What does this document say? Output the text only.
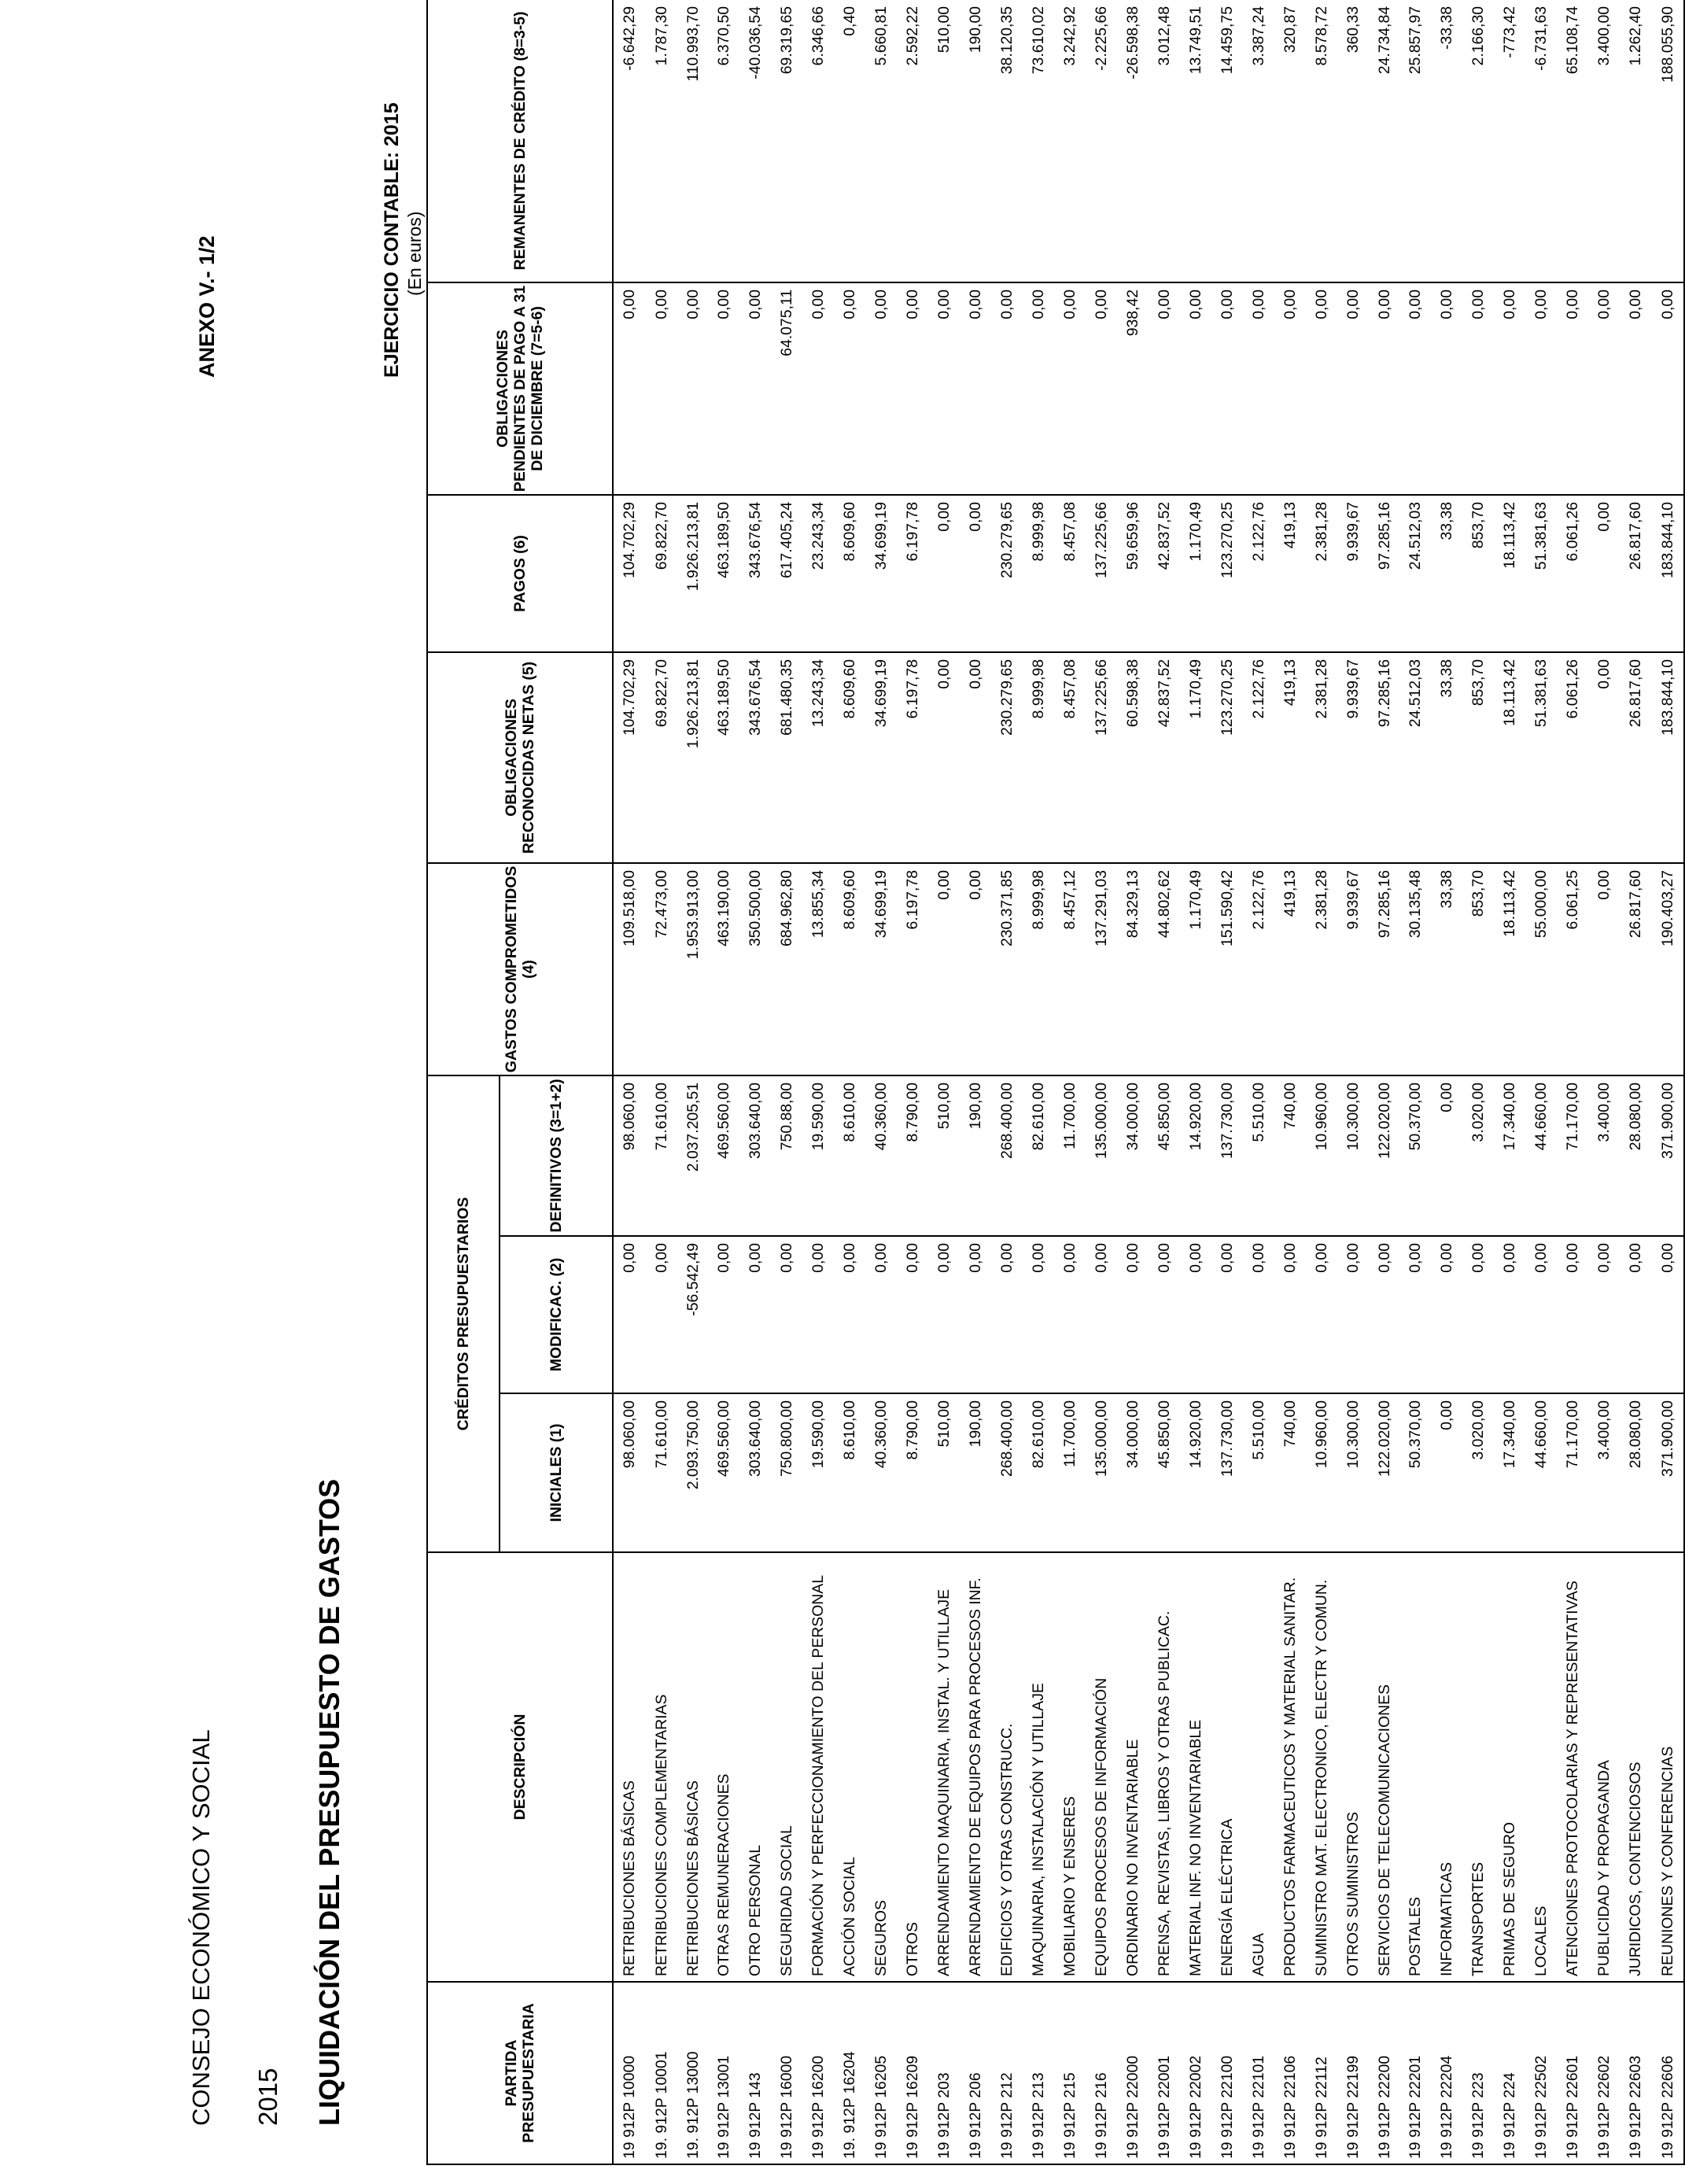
CONSEJO ECONÓMICO Y SOCIAL 2015 LIQUIDACIÓN DEL PRESUPUESTO DE GASTOS
ANEXO V.- 1/2	EJERCICIO CONTABLE: 2015 (En euros)
PARTIDA PRESUPUESTARIA	DESCRIPCIÓN	CRÉDITOS PRESUPUESTARIOS			GASTOS COMPROMETIDOS (4)	OBLIGACIONES RECONOCIDAS NETAS (5)	PAGOS (6)	OBLIGACIONES PENDIENTES DE PAGO A 31 DE DICIEMBRE (7=5-6)	REMANENTES DE CRÉDITO (8=3-5)
		INICIALES (1)	MODIFICAC. (2)	DEFINITIVOS (3=1+2)					
19 912P 10000	RETRIBUCIONES BÁSICAS	98.060,00	0,00	98.060,00	109.518,00	104.702,29	104.702,29	0,00	-6.642,29
19. 912P 10001	RETRIBUCIONES COMPLEMENTARIAS	71.610,00	0,00	71.610,00	72.473,00	69.822,70	69.822,70	0,00	1.787,30
19. 912P 13000	RETRIBUCIONES BÁSICAS	2.093.750,00	-56.542,49	2.037.205,51	1.953.913,00	1.926.213,81	1.926.213,81	0,00	110.993,70
19 912P 13001	OTRAS REMUNERACIONES	469.560,00	0,00	469.560,00	463.190,00	463.189,50	463.189,50	0,00	6.370,50
19 912P 143	OTRO PERSONAL	303.640,00	0,00	303.640,00	350.500,00	343.676,54	343.676,54	0,00	-40.036,54
19 912P 16000	SEGURIDAD SOCIAL	750.800,00	0,00	750.88,00	684.962,80	681.480,35	617.405,24	64.075,11	69.319,65
19 912P 16200	FORMACIÓN Y PERFECCIONAMIENTO DEL PERSONAL	19.590,00	0,00	19.590,00	13.855,34	13.243,34	23.243,34	0,00	6.346,66
19. 912P 16204	ACCIÓN SOCIAL	8.610,00	0,00	8.610,00	8.609,60	8.609,60	8.609,60	0,00	0,40
19 912P 16205	SEGUROS	40.360,00	0,00	40.360,00	34.699,19	34.699,19	34.699,19	0,00	5.660,81
19 912P 16209	OTROS	8.790,00	0,00	8.790,00	6.197,78	6.197,78	6.197,78	0,00	2.592,22
19 912P 203	ARRENDAMIENTO MAQUINARIA, INSTAL. Y UTILLAJE	510,00	0,00	510,00	0,00	0,00	0,00	0,00	510,00
19 912P 206	ARRENDAMIENTO DE EQUIPOS PARA PROCESOS INF.	190,00	0,00	190,00	0,00	0,00	0,00	0,00	190,00
19 912P 212	EDIFICIOS Y OTRAS CONSTRUCC.	268.400,00	0,00	268.400,00	230.371,85	230.279,65	230.279,65	0,00	38.120,35
19 912P 213	MAQUINARIA, INSTALACIÓN Y UTILLAJE	82.610,00	0,00	82.610,00	8.999,98	8.999,98	8.999,98	0,00	73.610,02
19 912P 215	MOBILIARIO Y ENSERES	11.700,00	0,00	11.700,00	8.457,12	8.457,08	8.457,08	0,00	3.242,92
19 912P 216	EQUIPOS PROCESOS DE INFORMACIÓN	135.000,00	0,00	135.000,00	137.291,03	137.225,66	137.225,66	0,00	-2.225,66
19 912P 22000	ORDINARIO NO INVENTARIABLE	34.000,00	0,00	34.000,00	84.329,13	60.598,38	59.659,96	938,42	-26.598,38
19 912P 22001	PRENSA, REVISTAS, LIBROS Y OTRAS PUBLICAC.	45.850,00	0,00	45.850,00	44.802,62	42.837,52	42.837,52	0,00	3.012,48
19 912P 22002	MATERIAL INF. NO INVENTARIABLE	14.920,00	0,00	14.920,00	1.170,49	1.170,49	1.170,49	0,00	13.749,51
19 912P 22100	ENERGÍA ELÉCTRICA	137.730,00	0,00	137.730,00	151.590,42	123.270,25	123.270,25	0,00	14.459,75
19 912P 22101	AGUA	5.510,00	0,00	5.510,00	2.122,76	2.122,76	2.122,76	0,00	3.387,24
19 912P 22106	PRODUCTOS FARMACEUTICOS Y MATERIAL SANITAR.	740,00	0,00	740,00	419,13	419,13	419,13	0,00	320,87
19 912P 22112	SUMINISTRO MAT. ELECTRONICO, ELECTR Y COMUN.	10.960,00	0,00	10.960,00	2.381,28	2.381,28	2.381,28	0,00	8.578,72
19 912P 22199	OTROS SUMINISTROS	10.300,00	0,00	10.300,00	9.939,67	9.939,67	9.939,67	0,00	360,33
19 912P 22200	SERVICIOS DE TELECOMUNICACIONES	122.020,00	0,00	122.020,00	97.285,16	97.285,16	97.285,16	0,00	24.734,84
19 912P 22201	POSTALES	50.370,00	0,00	50.370,00	30.135,48	24.512,03	24.512,03	0,00	25.857,97
19 912P 22204	INFORMATICAS	0,00	0,00	0,00	33,38	33,38	33,38	0,00	-33,38
19 912P 223	TRANSPORTES	3.020,00	0,00	3.020,00	853,70	853,70	853,70	0,00	2.166,30
19 912P 224	PRIMAS DE SEGURO	17.340,00	0,00	17.340,00	18.113,42	18.113,42	18.113,42	0,00	-773,42
19 912P 22502	LOCALES	44.660,00	0,00	44.660,00	55.000,00	51.381,63	51.381,63	0,00	-6.731,63
19 912P 22601	ATENCIONES PROTOCOLARIAS Y REPRESENTATIVAS	71.170,00	0,00	71.170,00	6.061,25	6.061,26	6.061,26	0,00	65.108,74
19 912P 22602	PUBLICIDAD Y PROPAGANDA	3.400,00	0,00	3.400,00	0,00	0,00	0,00	0,00	3.400,00
19 912P 22603	JURIDICOS, CONTENCIOSOS	28.080,00	0,00	28.080,00	26.817,60	26.817,60	26.817,60	0,00	1.262,40
19 912P 22606	REUNIONES Y CONFERENCIAS	371.900,00	0,00	371.900,00	190.403,27	183.844,10	183.844,10	0,00	188.055,90
